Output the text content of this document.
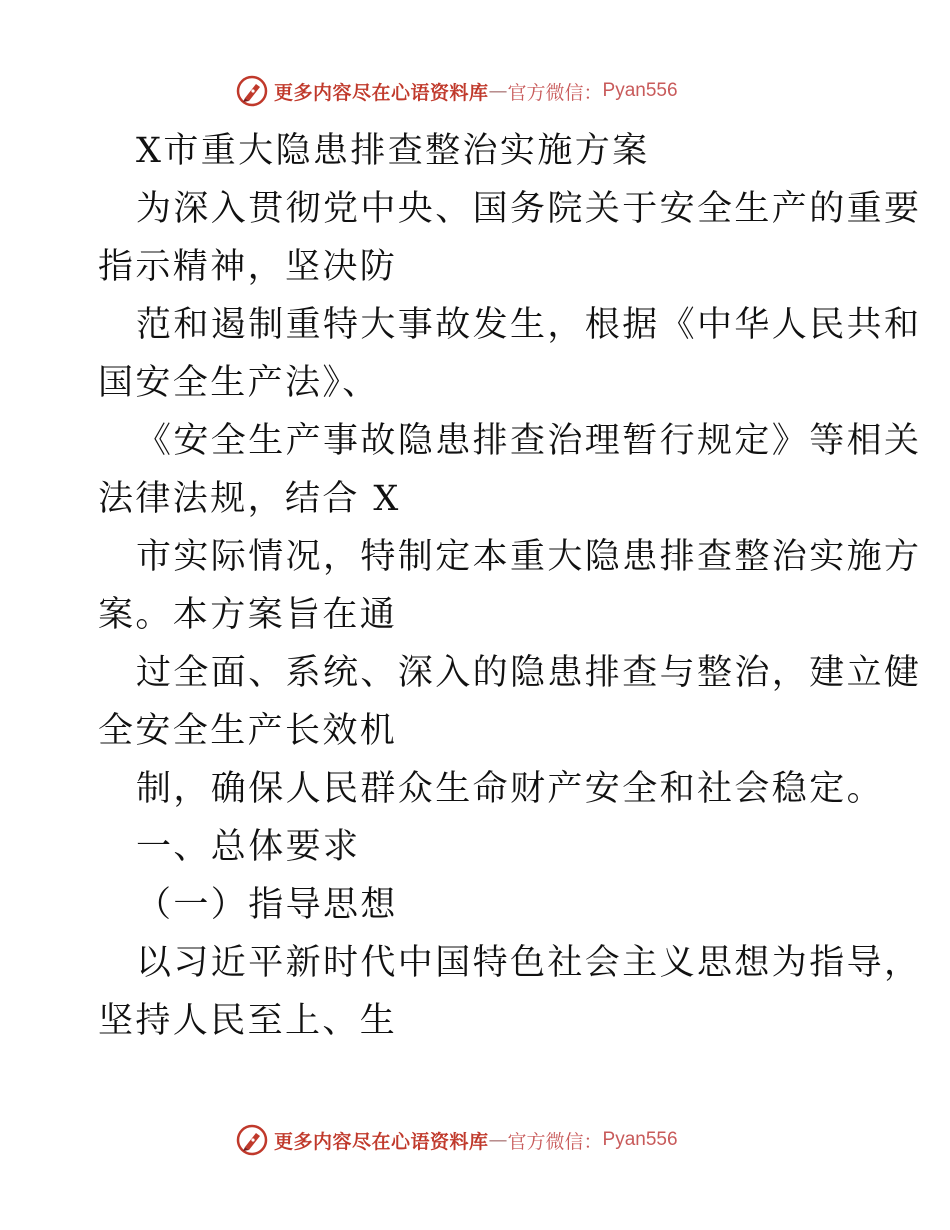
更多内容尽在心语资料库 — 官方微信： Pyan556
X市重大隐患排查整治实施方案
为深入贯彻党中央、国务院关于安全生产的重要
指示精神，坚决防
范和遏制重特大事故发生，根据《中华人民共和
国安全生产法》、
《安全生产事故隐患排查治理暂行规定》等相关
法律法规，结合 X
市实际情况，特制定本重大隐患排查整治实施方
案。本方案旨在通
过全面、系统、深入的隐患排查与整治，建立健
全安全生产长效机
制，确保人民群众生命财产安全和社会稳定。
一、总体要求
（一）指导思想
以习近平新时代中国特色社会主义思想为指导，
坚持人民至上、生
更多内容尽在心语资料库 — 官方微信： Pyan556
